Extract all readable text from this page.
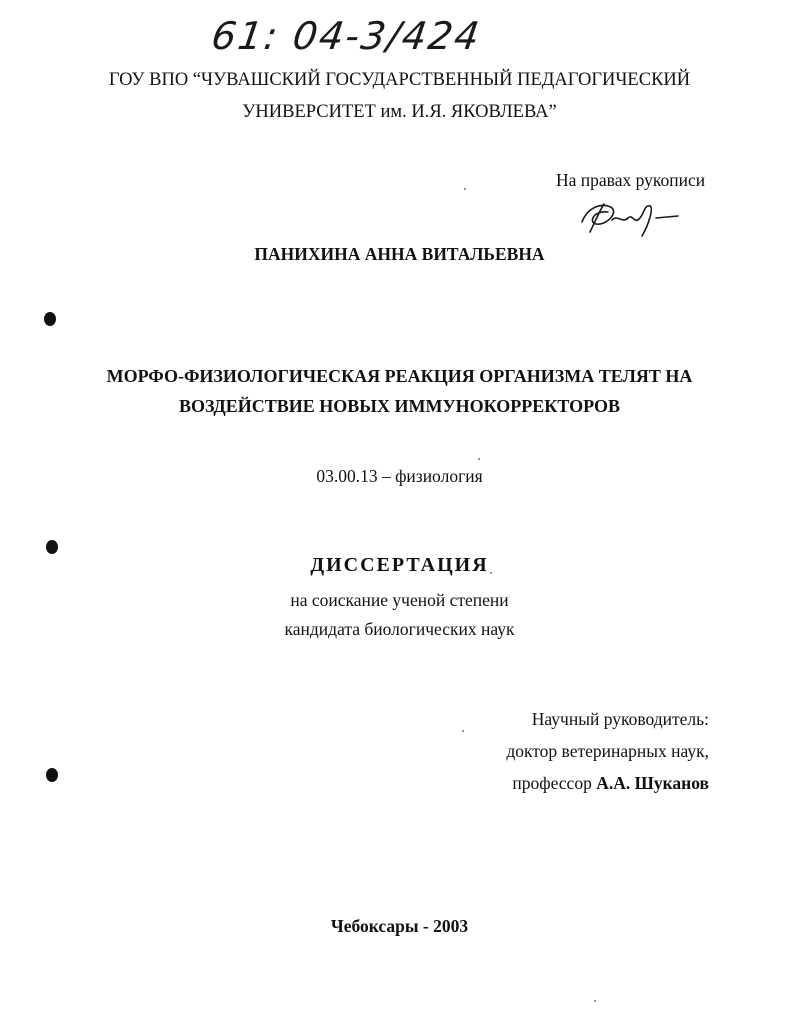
61: 04-3/424
ГОУ ВПО “ЧУВАШСКИЙ ГОСУДАРСТВЕННЫЙ ПЕДАГОГИЧЕСКИЙ
УНИВЕРСИТЕТ им. И.Я. ЯКОВЛЕВА”
На правах рукописи
ПАНИХИНА АННА ВИТАЛЬЕВНА
МОРФО-ФИЗИОЛОГИЧЕСКАЯ РЕАКЦИЯ ОРГАНИЗМА ТЕЛЯТ НА
ВОЗДЕЙСТВИЕ НОВЫХ ИММУНОКОРРЕКТОРОВ
03.00.13 – физиология
ДИССЕРТАЦИЯ
на соискание ученой степени
кандидата биологических наук
Научный руководитель:
доктор ветеринарных наук,
профессор А.А. Шуканов
Чебоксары - 2003
